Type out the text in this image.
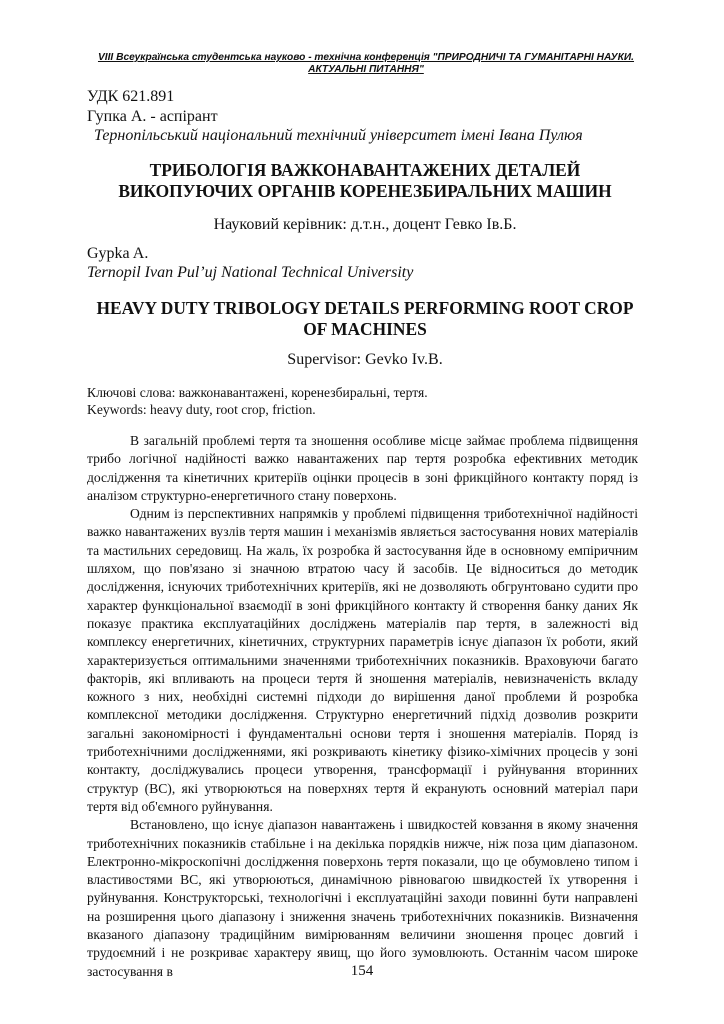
VIII Всеукраїнська студентська науково - технічна конференція "ПРИРОДНИЧІ ТА ГУМАНІТАРНІ НАУКИ. АКТУАЛЬНІ ПИТАННЯ"
УДК 621.891
Гупка А. - аспірант
Тернопільський національний технічний університет імені Івана Пулюя
ТРИБОЛОГІЯ ВАЖКОНАВАНТАЖЕНИХ ДЕТАЛЕЙ ВИКОПУЮЧИХ ОРГАНІВ КОРЕНЕЗБИРАЛЬНИХ МАШИН
Науковий керівник: д.т.н., доцент Гевко Ів.Б.
Gypka A.
Ternopil Ivan Pul’uj National Technical University
HEAVY DUTY TRIBOLOGY DETAILS PERFORMING ROOT CROP OF MACHINES
Supervisor: Gevko Iv.B.
Ключові слова: важконавантажені, коренезбиральні, тертя.
Keywords: heavy duty, root crop, friction.

В загальній проблемі тертя та зношення особливе місце займає проблема підвищення трибо логічної надійності важко навантажених пар тертя розробка ефективних методик дослідження та кінетичних критеріїв оцінки процесів в зоні фрикційного контакту поряд із аналізом структурно-енергетичного стану поверхонь.

Одним із перспективних напрямків у проблемі підвищення триботехнічної надійності важко навантажених вузлів тертя машин і механізмів являється застосування нових матеріалів та мастильних середовищ. На жаль, їх розробка й застосування йде в основному емпіричним шляхом, що пов'язано зі значною втратою часу й засобів. Це відноситься до методик дослідження, існуючих триботехнічних критеріїв, які не дозволяють обгрунтовано судити про характер функціональної взаємодії в зоні фрикційного контакту й створення банку даних Як показує практика експлуатаційних досліджень матеріалів пар тертя, в залежності від комплексу енергетичних, кінетичних, структурних параметрів існує діапазон їх роботи, який характеризується оптимальними значеннями триботехнічних показників. Враховуючи багато факторів, які впливають на процеси тертя й зношення матеріалів, невизначеність вкладу кожного з них, необхідні системні підходи до вирішення даної проблеми й розробка комплексної методики дослідження. Структурно енергетичний підхід дозволив розкрити загальні закономірності і фундаментальні основи тертя і зношення матеріалів. Поряд із триботехнічними дослідженнями, які розкривають кінетику фізико-хімічних процесів у зоні контакту, досліджувались процеси утворення, трансформації і руйнування вторинних структур (ВС), які утворюються на поверхнях тертя й екранують основний матеріал пари тертя від об'ємного руйнування.

Встановлено, що існує діапазон навантажень і швидкостей ковзання в якому значення триботехнічних показників стабільне і на декілька порядків нижче, ніж поза цим діапазоном. Електронно-мікроскопічні дослідження поверхонь тертя показали, що це обумовлено типом і властивостями ВС, які утворюються, динамічною рівновагою швидкостей їх утворення і руйнування. Конструкторські, технологічні і експлуатаційні заходи повинні бути направлені на розширення цього діапазону і зниження значень триботехнічних показників. Визначення вказаного діапазону традиційним вимірюванням величини зношення процес довгий і трудоємний і не розкриває характеру явищ, що його зумовлюють. Останнім часом широке застосування в	154
